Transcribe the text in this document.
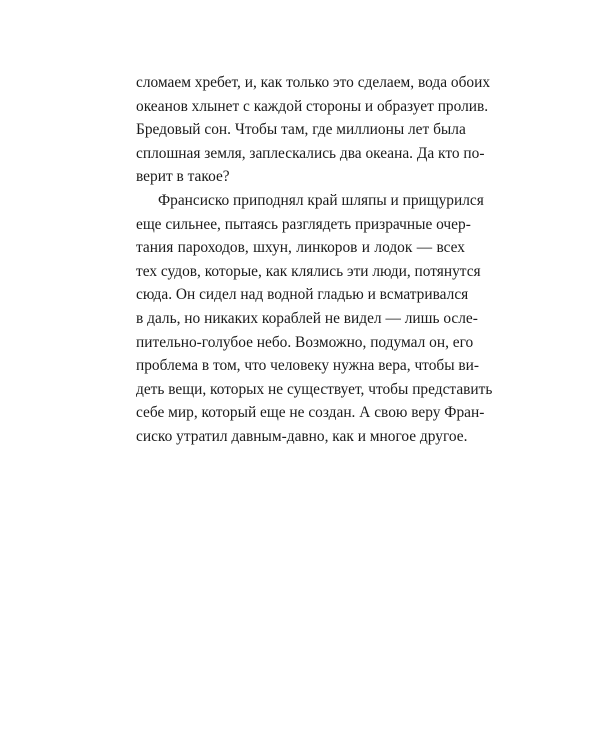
сломаем хребет, и, как только это сделаем, вода обоих
океанов хлынет с каждой стороны и образует пролив.
Бредовый сон. Чтобы там, где миллионы лет была
сплошная земля, заплескались два океана. Да кто по-
верит в такое?

Франсиско приподнял край шляпы и прищурился
еще сильнее, пытаясь разглядеть призрачные очер-
тания пароходов, шхун, линкоров и лодок — всех
тех судов, которые, как клялись эти люди, потянутся
сюда. Он сидел над водной гладью и всматривался
в даль, но никаких кораблей не видел — лишь осле-
пительно-голубое небо. Возможно, подумал он, его
проблема в том, что человеку нужна вера, чтобы ви-
деть вещи, которых не существует, чтобы представить
себе мир, который еще не создан. А свою веру Фран-
сиско утратил давным-давно, как и многое другое.
